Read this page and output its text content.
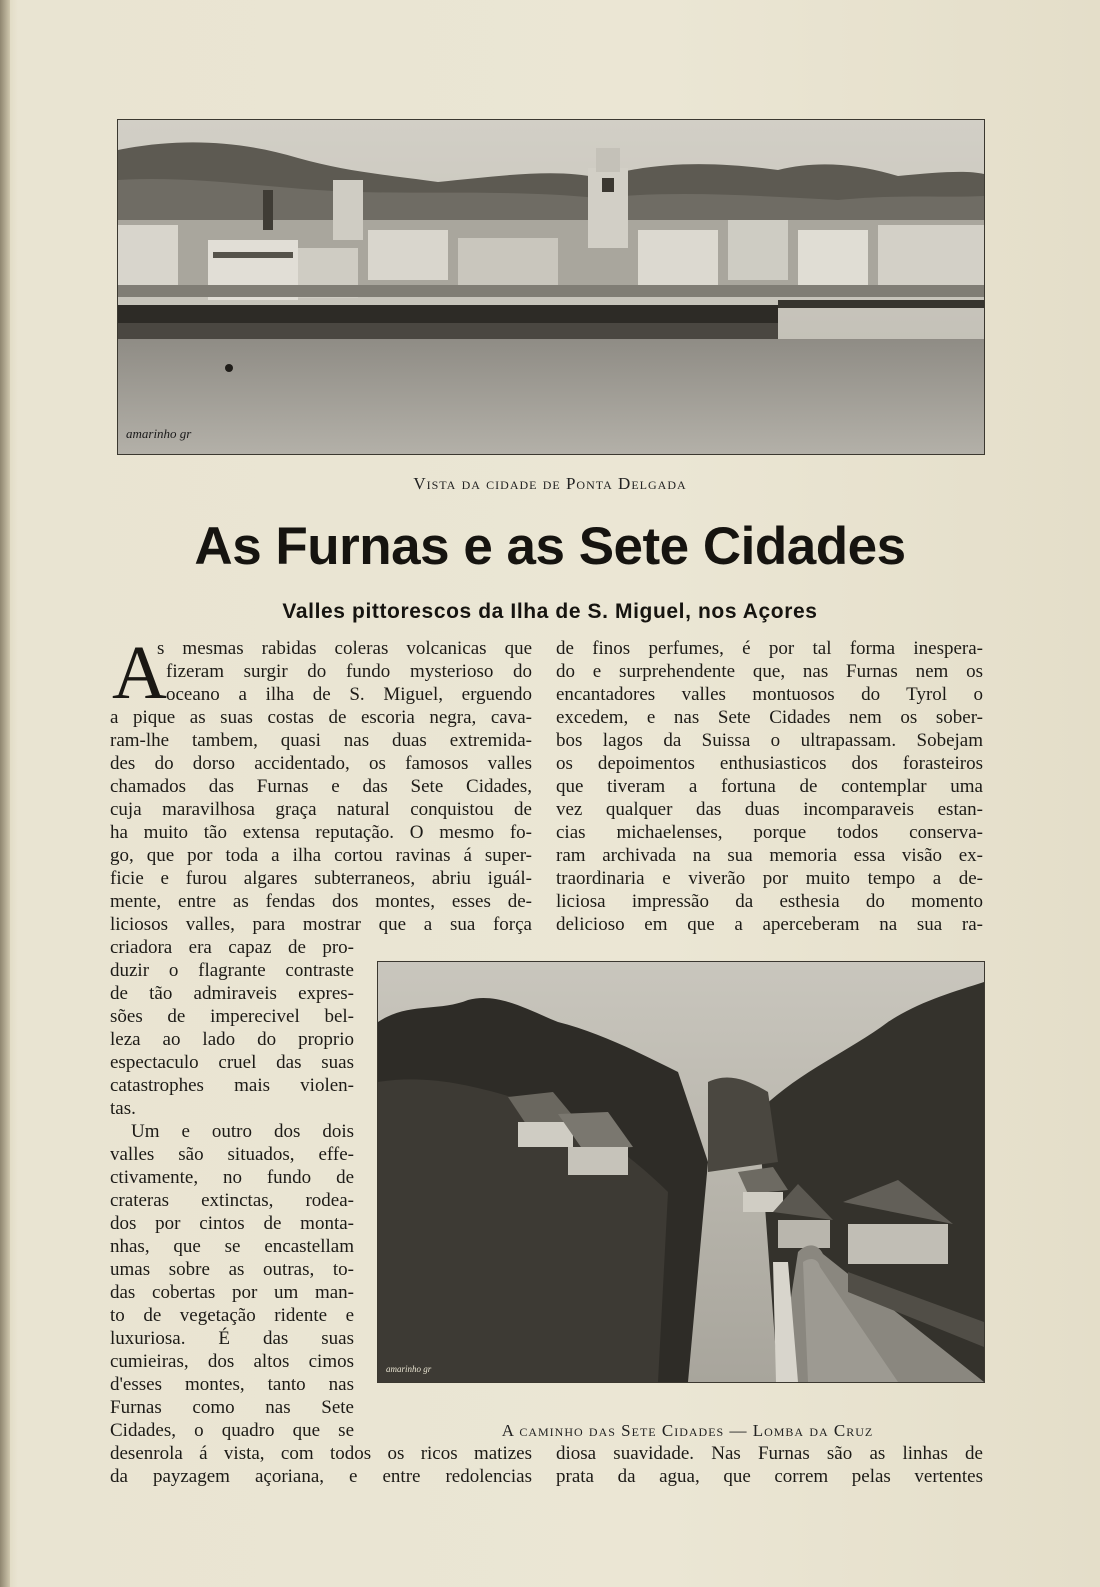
amarinho gr
Vista da cidade de Ponta Delgada
As Furnas e as Sete Cidades
Valles pittorescos da Ilha de S. Miguel, nos Açores
A
amarinho gr
A caminho das Sete Cidades — Lomba da Cruz
s mesmas rabidas coleras volcanicas que
fizeram surgir do fundo mysterioso do
oceano a ilha de S. Miguel, erguendo
a pique as suas costas de escoria negra, cava-
ram-lhe tambem, quasi nas duas extremida-
des do dorso accidentado, os famosos valles
chamados das Furnas e das Sete Cidades,
cuja maravilhosa graça natural conquistou de
ha muito tão extensa reputação. O mesmo fo-
go, que por toda a ilha cortou ravinas á super-
ficie e furou algares subterraneos, abriu iguál-
mente, entre as fendas dos montes, esses de-
liciosos valles, para mostrar que a sua força
criadora era capaz de pro-
duzir o flagrante contraste
de tão admiraveis expres-
sões de imperecivel bel-
leza ao lado do proprio
espectaculo cruel das suas
catastrophes mais violen-
tas.
Um e outro dos dois
valles são situados, effe-
ctivamente, no fundo de
crateras extinctas, rodea-
dos por cintos de monta-
nhas, que se encastellam
umas sobre as outras, to-
das cobertas por um man-
to de vegetação ridente e
luxuriosa. É das suas
cumieiras, dos altos cimos
d'esses montes, tanto nas
Furnas como nas Sete
Cidades, o quadro que se
desenrola á vista, com todos os ricos matizes
da payzagem açoriana, e entre redolencias
de finos perfumes, é por tal forma inespera-
do e surprehendente que, nas Furnas nem os
encantadores valles montuosos do Tyrol o
excedem, e nas Sete Cidades nem os sober-
bos lagos da Suissa o ultrapassam. Sobejam
os depoimentos enthusiasticos dos forasteiros
que tiveram a fortuna de contemplar uma
vez qualquer das duas incomparaveis estan-
cias michaelenses, porque todos conserva-
ram archivada na sua memoria essa visão ex-
traordinaria e viverão por muito tempo a de-
liciosa impressão da esthesia do momento
delicioso em que a aperceberam na sua ra-
diosa suavidade. Nas Furnas são as linhas de
prata da agua, que correm pelas vertentes
